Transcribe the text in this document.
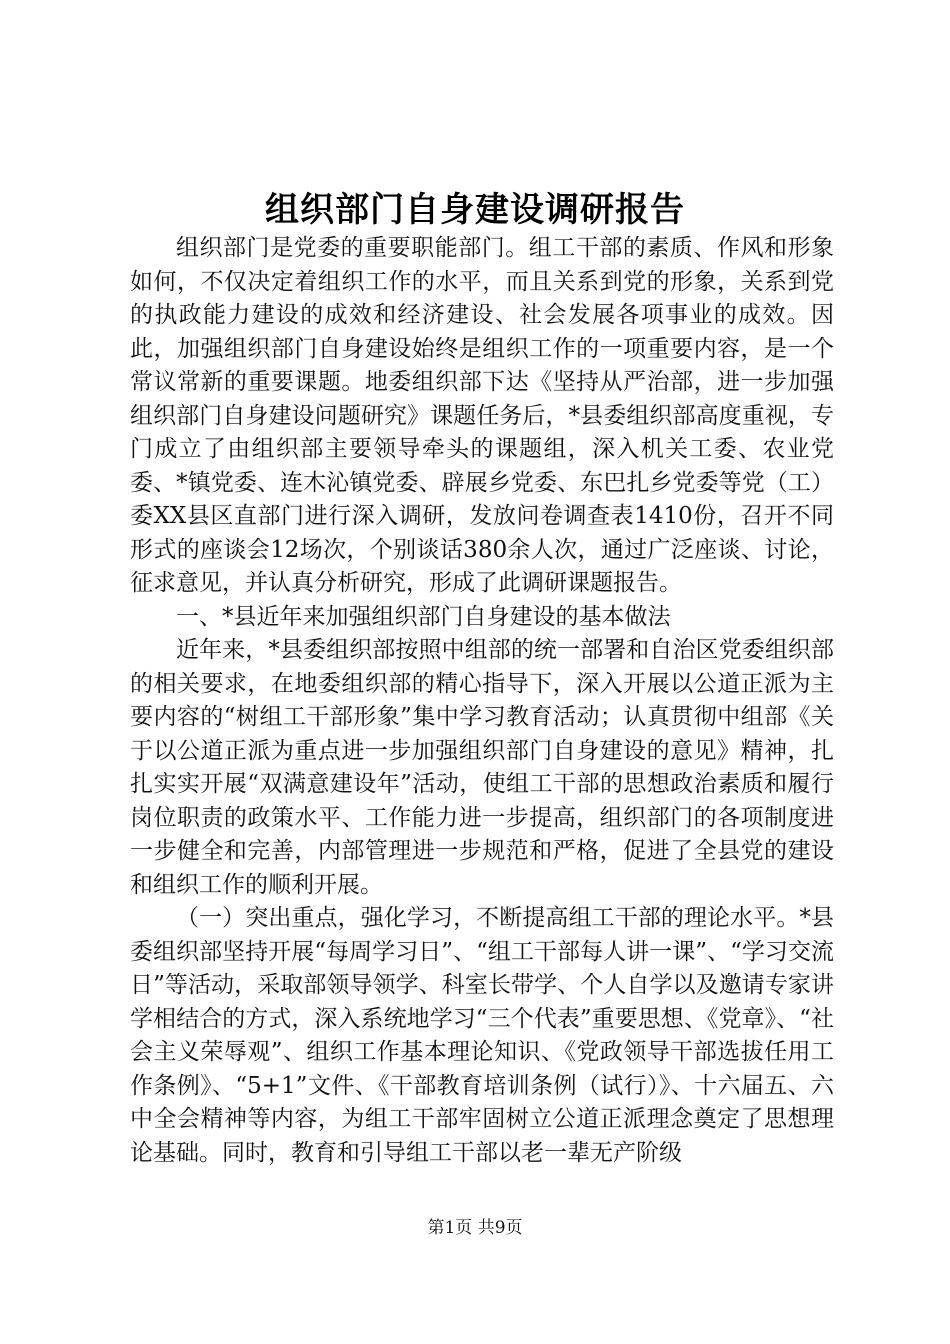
组织部门自身建设调研报告

组织部门是党委的重要职能部门。组工干部的素质、作风和形象如何，不仅决定着组织工作的水平，而且关系到党的形象，关系到党的执政能力建设的成效和经济建设、社会发展各项事业的成效。因此，加强组织部门自身建设始终是组织工作的一项重要内容，是一个常议常新的重要课题。地委组织部下达《坚持从严治部，进一步加强组织部门自身建设问题研究》课题任务后，*县委组织部高度重视，专门成立了由组织部主要领导牵头的课题组，深入机关工委、农业党委、*镇党委、连木沁镇党委、辟展乡党委、东巴扎乡党委等党（工）委XX县区直部门进行深入调研，发放问卷调查表1410份，召开不同形式的座谈会12场次，个别谈话380余人次，通过广泛座谈、讨论，征求意见，并认真分析研究，形成了此调研课题报告。

一、*县近年来加强组织部门自身建设的基本做法

近年来，*县委组织部按照中组部的统一部署和自治区党委组织部的相关要求，在地委组织部的精心指导下，深入开展以公道正派为主要内容的“树组工干部形象”集中学习教育活动；认真贯彻中组部《关于以公道正派为重点进一步加强组织部门自身建设的意见》精神，扎扎实实开展“双满意建设年”活动，使组工干部的思想政治素质和履行岗位职责的政策水平、工作能力进一步提高，组织部门的各项制度进一步健全和完善，内部管理进一步规范和严格，促进了全县党的建设和组织工作的顺利开展。

（一）突出重点，强化学习，不断提高组工干部的理论水平。*县委组织部坚持开展“每周学习日”、“组工干部每人讲一课”、“学习交流日”等活动，采取部领导领学、科室长带学、个人自学以及邀请专家讲学相结合的方式，深入系统地学习“三个代表”重要思想、《党章》、“社会主义荣辱观”、组织工作基本理论知识、《党政领导干部选拔任用工作条例》、“5+1”文件、《干部教育培训条例（试行）》、十六届五、六中全会精神等内容，为组工干部牢固树立公道正派理念奠定了思想理论基础。同时，教育和引导组工干部以老一辈无产阶级

第1页 共9页
